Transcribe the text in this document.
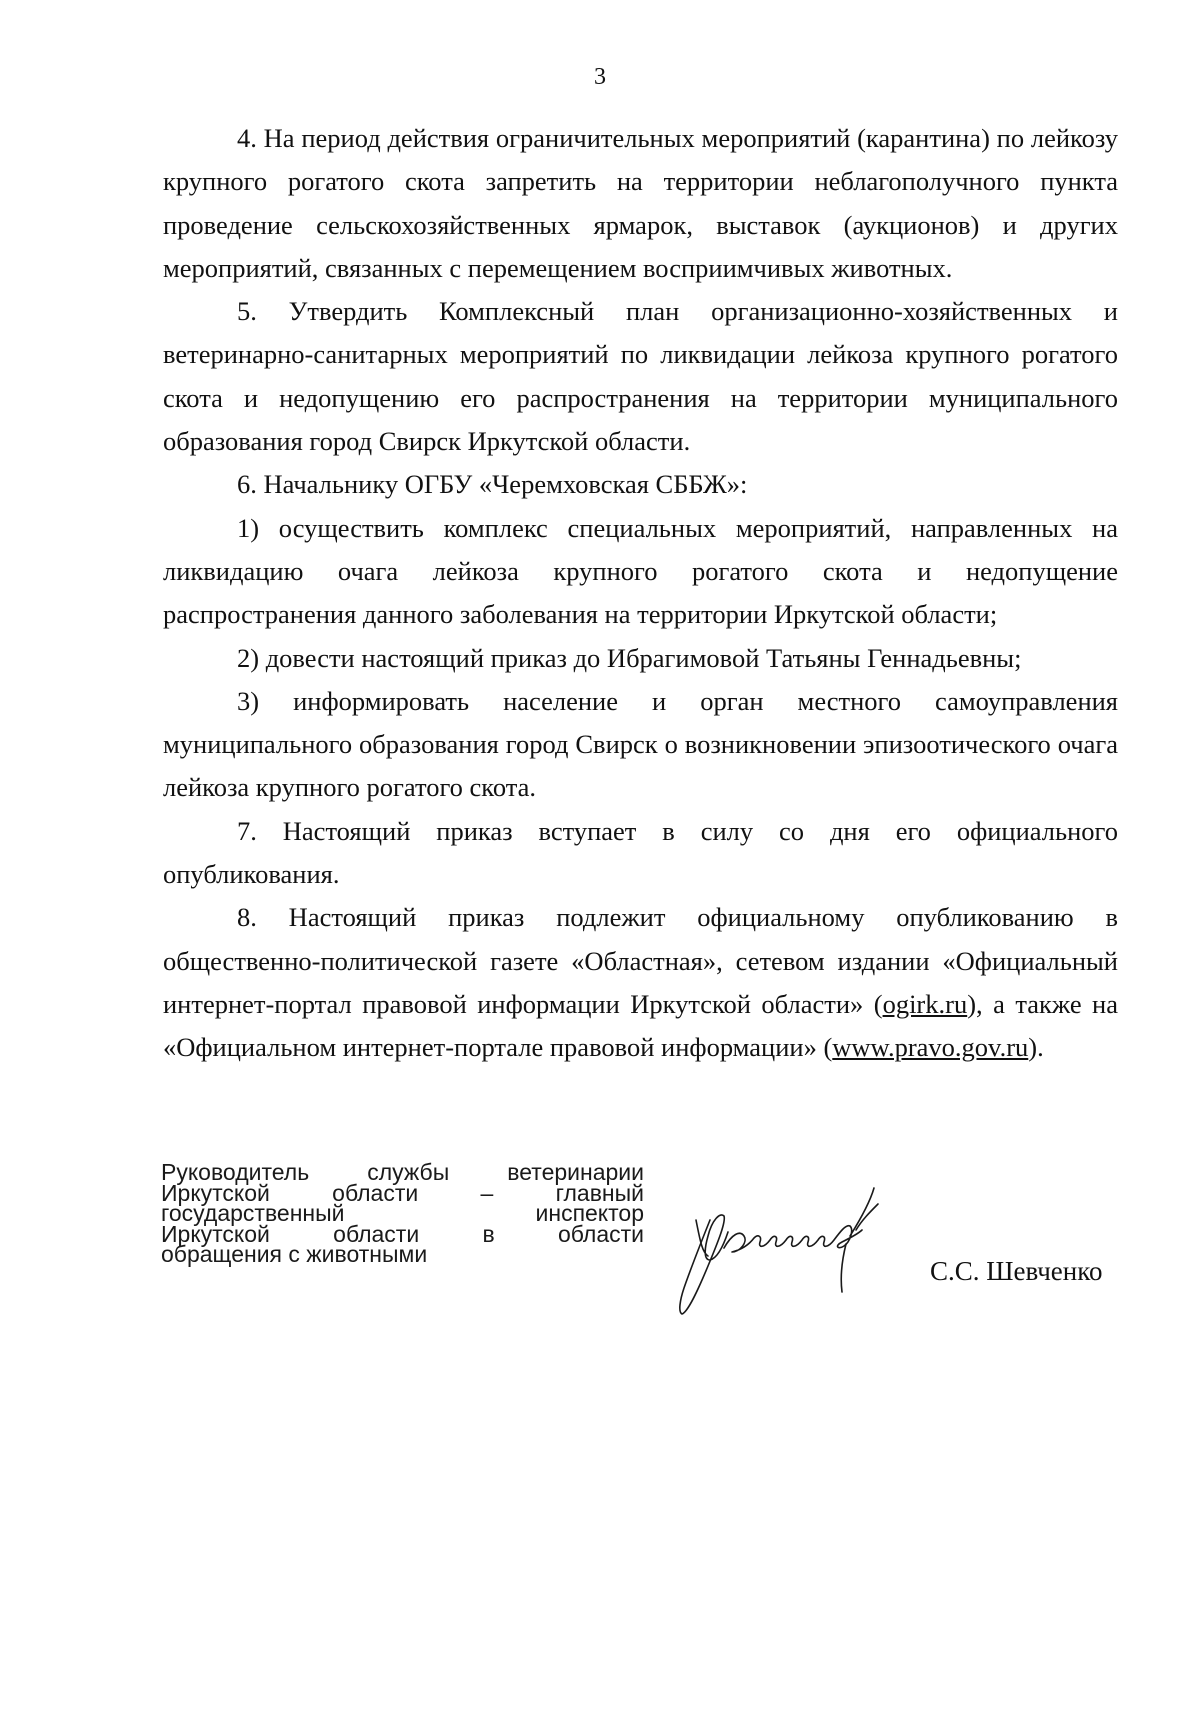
3

4. На период действия ограничительных мероприятий (карантина) по лейкозу крупного рогатого скота запретить на территории неблагополучного пункта проведение сельскохозяйственных ярмарок, выставок (аукционов) и других мероприятий, связанных с перемещением восприимчивых животных.

5. Утвердить Комплексный план организационно-хозяйственных и ветеринарно-санитарных мероприятий по ликвидации лейкоза крупного рогатого скота и недопущению его распространения на территории муниципального образования город Свирск Иркутской области.

6. Начальнику ОГБУ «Черемховская СББЖ»:

1) осуществить комплекс специальных мероприятий, направленных на ликвидацию очага лейкоза крупного рогатого скота и недопущение распространения данного заболевания на территории Иркутской области;

2) довести настоящий приказ до Ибрагимовой Татьяны Геннадьевны;

3) информировать население и орган местного самоуправления муниципального образования город Свирск о возникновении эпизоотического очага лейкоза крупного рогатого скота.

7. Настоящий приказ вступает в силу со дня его официального опубликования.

8. Настоящий приказ подлежит официальному опубликованию в общественно-политической газете «Областная», сетевом издании «Официальный интернет-портал правовой информации Иркутской области» (ogirk.ru), а также на «Официальном интернет-портале правовой информации» (www.pravo.gov.ru).

Руководитель службы ветеринарии
Иркутской области – главный
государственный инспектор
Иркутской области в области
обращения с животными
С.С. Шевченко
